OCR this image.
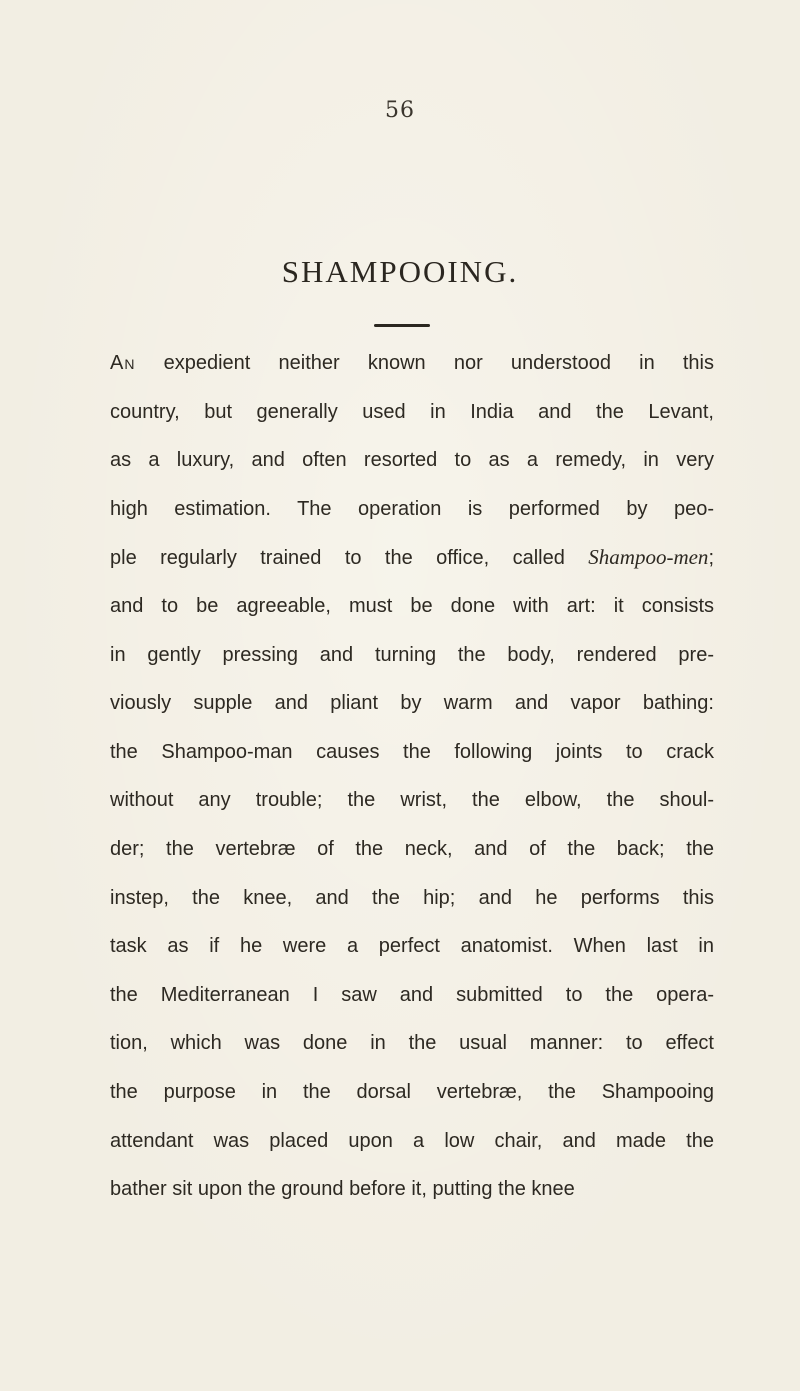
56
SHAMPOOING.
An expedient neither known nor understood in this
country, but generally used in India and the Levant,
as a luxury, and often resorted to as a remedy, in very
high estimation. The operation is performed by peo-
ple regularly trained to the office, called Shampoo-men;
and to be agreeable, must be done with art: it consists
in gently pressing and turning the body, rendered pre-
viously supple and pliant by warm and vapor bathing:
the Shampoo-man causes the following joints to crack
without any trouble; the wrist, the elbow, the shoul-
der; the vertebræ of the neck, and of the back; the
instep, the knee, and the hip; and he performs this
task as if he were a perfect anatomist. When last in
the Mediterranean I saw and submitted to the opera-
tion, which was done in the usual manner: to effect
the purpose in the dorsal vertebræ, the Shampooing
attendant was placed upon a low chair, and made the
bather sit upon the ground before it, putting the knee
